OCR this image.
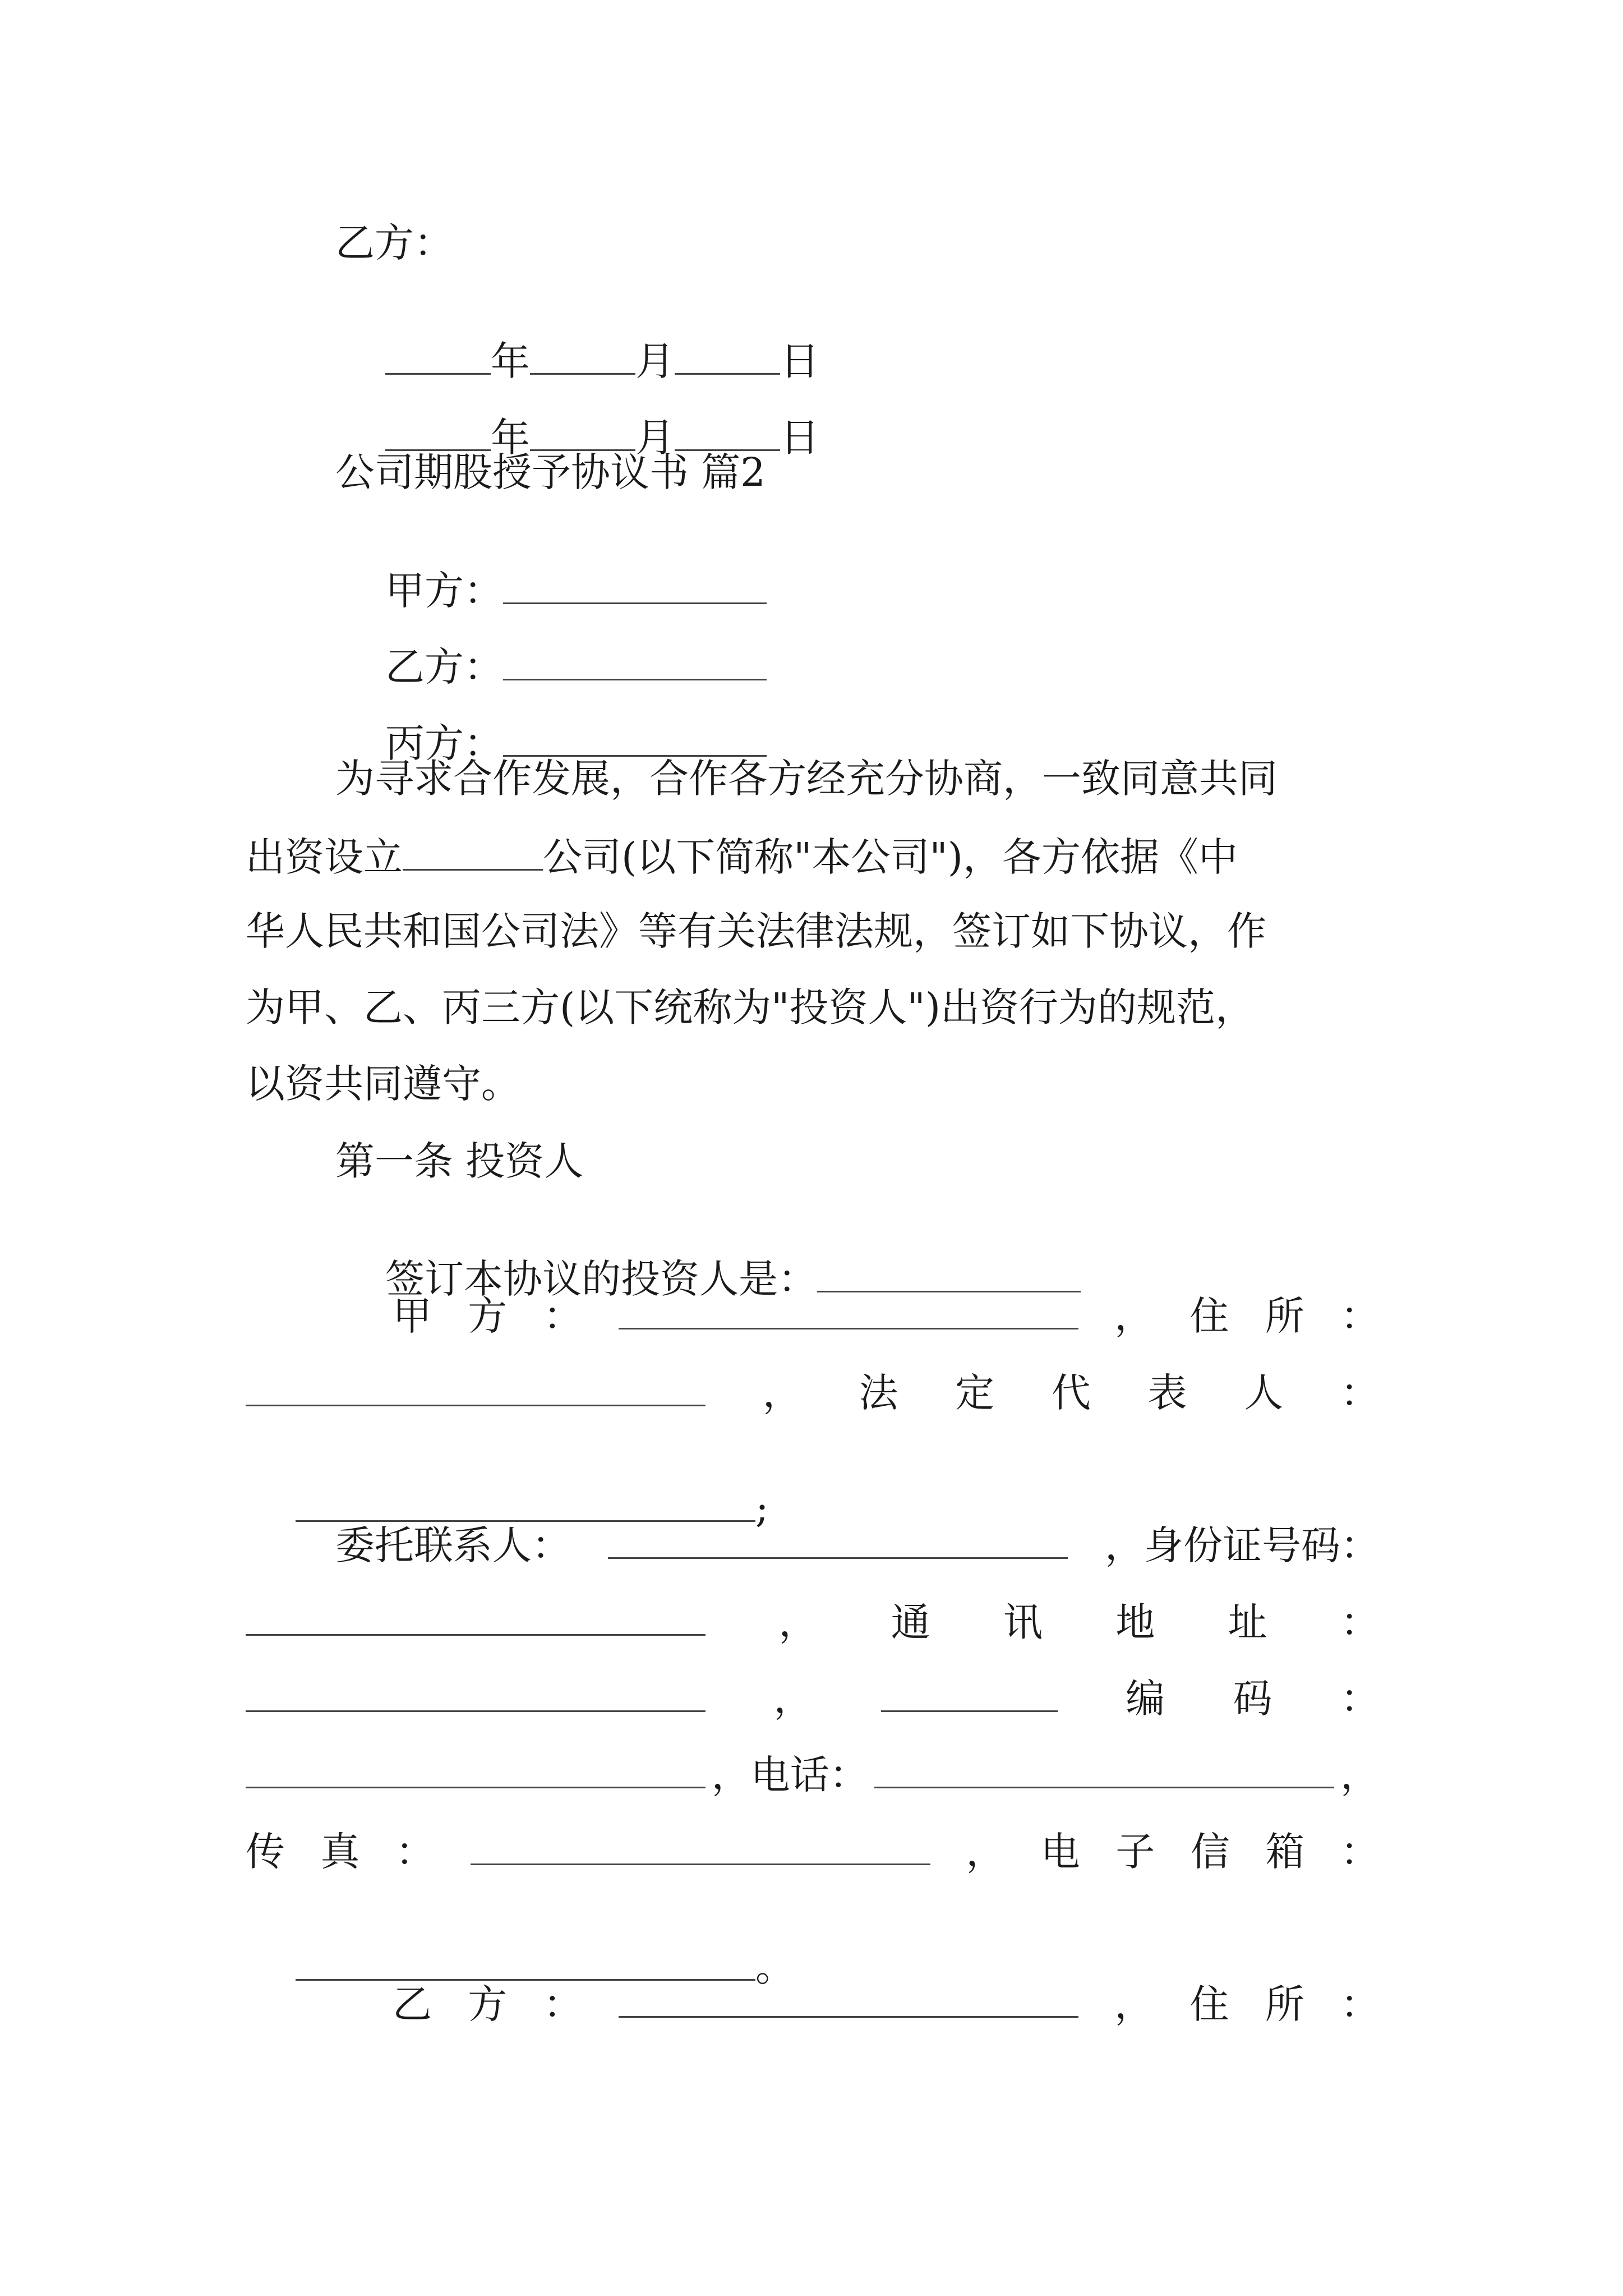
乙方：

年	月	日

年	月	日

公司期股授予协议书 篇2

甲方：

乙方：

丙方：

为寻求合作发展，合作各方经充分协商，一致同意共同
出资设立	公司(以下简称"本公司")，各方依据《中
华人民共和国公司法》等有关法律法规，签订如下协议，作
为甲、乙、丙三方(以下统称为"投资人")出资行为的规范，
以资共同遵守。
第一条 投资人

签订本协议的投资人是：

甲 方 ：	， 住 所 ：
， 法 定 代 表 人 ：

;

委托联系人：	，身份证号码：
， 通 讯 地 址 ：
，	编 码 ：
，电话：	，
传 真 ：	， 电 子 信 箱 ：

。

乙 方 ：	， 住 所 ：
